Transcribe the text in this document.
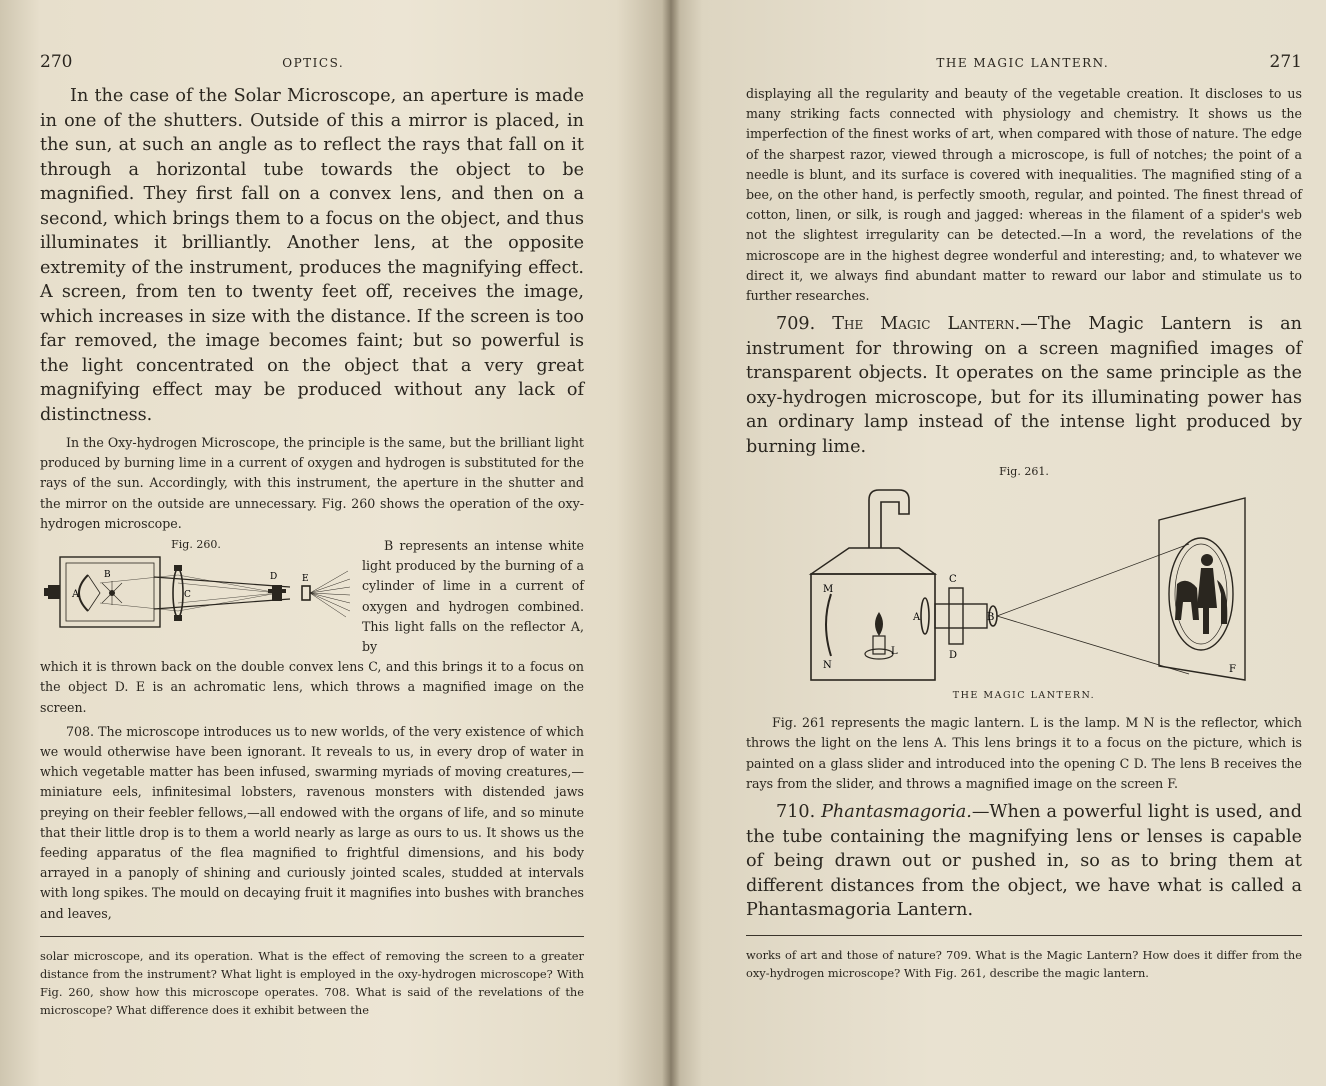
270	OPTICS.

In the case of the Solar Microscope, an aperture is made in one of the shutters. Outside of this a mirror is placed, in the sun, at such an angle as to reflect the rays that fall on it through a horizontal tube towards the object to be magnified. They first fall on a convex lens, and then on a second, which brings them to a focus on the object, and thus illuminates it brilliantly. Another lens, at the opposite extremity of the instrument, produces the magnifying effect. A screen, from ten to twenty feet off, receives the image, which increases in size with the distance. If the screen is too far removed, the image becomes faint; but so powerful is the light concentrated on the object that a very great magnifying effect may be produced without any lack of distinctness.

In the Oxy-hydrogen Microscope, the principle is the same, but the brilliant light produced by burning lime in a current of oxygen and hydrogen is substituted for the rays of the sun. Accordingly, with this instrument, the aperture in the shutter and the mirror on the outside are unnecessary. Fig. 260 shows the operation of the oxy-hydrogen microscope.

Fig. 260.
A
B
C
D	E

B represents an intense white light produced by the burning of a cylinder of lime in a current of oxygen and hydrogen combined. This light falls on the reflector A, by

which it is thrown back on the double convex lens C, and this brings it to a focus on the object D. E is an achromatic lens, which throws a magnified image on the screen.

708. The microscope introduces us to new worlds, of the very existence of which we would otherwise have been ignorant. It reveals to us, in every drop of water in which vegetable matter has been infused, swarming myriads of moving creatures,—miniature eels, infinitesimal lobsters, ravenous monsters with distended jaws preying on their feebler fellows,—all endowed with the organs of life, and so minute that their little drop is to them a world nearly as large as ours to us. It shows us the feeding apparatus of the flea magnified to frightful dimensions, and his body arrayed in a panoply of shining and curiously jointed scales, studded at intervals with long spikes. The mould on decaying fruit it magnifies into bushes with branches and leaves,

solar microscope, and its operation. What is the effect of removing the screen to a greater distance from the instrument? What light is employed in the oxy-hydrogen microscope? With Fig. 260, show how this microscope operates. 708. What is said of the revelations of the microscope? What difference does it exhibit between the

THE MAGIC LANTERN.	271

displaying all the regularity and beauty of the vegetable creation. It discloses to us many striking facts connected with physiology and chemistry. It shows us the imperfection of the finest works of art, when compared with those of nature. The edge of the sharpest razor, viewed through a microscope, is full of notches; the point of a needle is blunt, and its surface is covered with inequalities. The magnified sting of a bee, on the other hand, is perfectly smooth, regular, and pointed. The finest thread of cotton, linen, or silk, is rough and jagged: whereas in the filament of a spider's web not the slightest irregularity can be detected.—In a word, the revelations of the microscope are in the highest degree wonderful and interesting; and, to whatever we direct it, we always find abundant matter to reward our labor and stimulate us to further researches.

709. The Magic Lantern.—The Magic Lantern is an instrument for throwing on a screen magnified images of transparent objects. It operates on the same principle as the oxy-hydrogen microscope, but for its illuminating power has an ordinary lamp instead of the intense light produced by burning lime.

Fig. 261.
M
N
L
A
C
D
B
F
THE MAGIC LANTERN.

Fig. 261 represents the magic lantern. L is the lamp. M N is the reflector, which throws the light on the lens A. This lens brings it to a focus on the picture, which is painted on a glass slider and introduced into the opening C D. The lens B receives the rays from the slider, and throws a magnified image on the screen F.

710. Phantasmagoria.—When a powerful light is used, and the tube containing the magnifying lens or lenses is capable of being drawn out or pushed in, so as to bring them at different distances from the object, we have what is called a Phantasmagoria Lantern.

works of art and those of nature? 709. What is the Magic Lantern? How does it differ from the oxy-hydrogen microscope? With Fig. 261, describe the magic lantern.
